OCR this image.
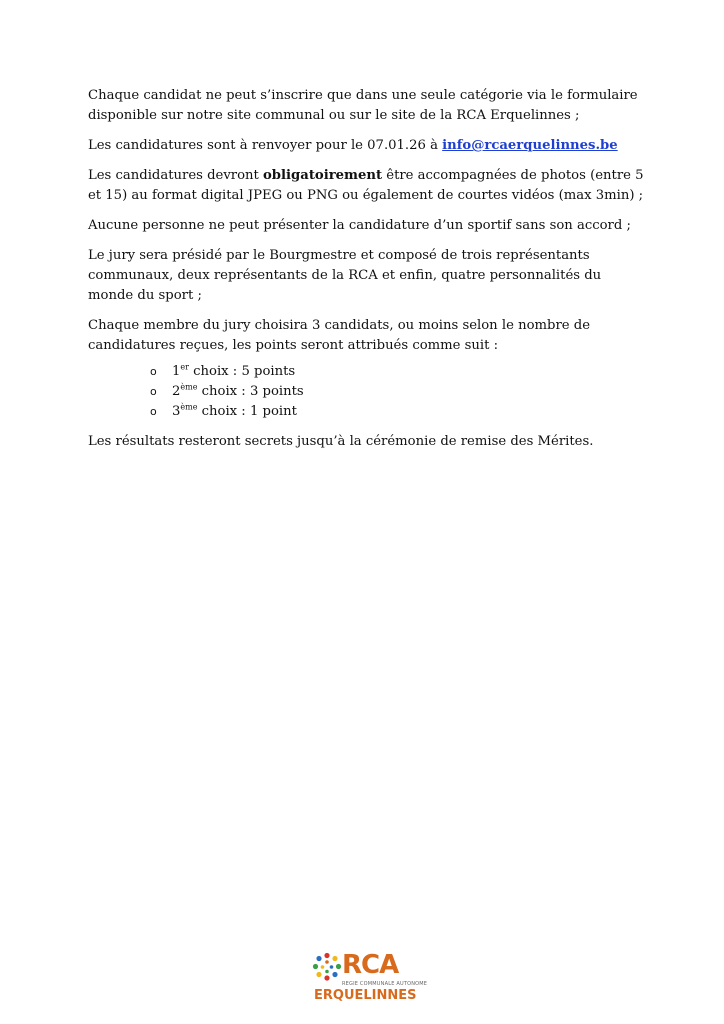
Chaque candidat ne peut s’inscrire que dans une seule catégorie via le formulaire disponible sur notre site communal ou sur le site de la RCA Erquelinnes ;

Les candidatures sont à renvoyer pour le 07.01.26 à info@rcaerquelinnes.be

Les candidatures devront obligatoirement être accompagnées de photos (entre 5 et 15) au format digital JPEG ou PNG ou également de courtes vidéos (max 3min) ;

Aucune personne ne peut présenter la candidature d’un sportif sans son accord ;

Le jury sera présidé par le Bourgmestre et composé de trois représentants communaux, deux représentants de la RCA et enfin, quatre personnalités du monde du sport ;

Chaque membre du jury choisira 3 candidats, ou moins selon le nombre de candidatures reçues, les points seront attribués comme suit :

o 1er choix : 5 points
o 2ème choix : 3 points
o 3ème choix : 1 point

Les résultats resteront secrets jusqu’à la cérémonie de remise des Mérites.

RCA
REGIE COMMUNALE AUTONOME
ERQUELINNES
